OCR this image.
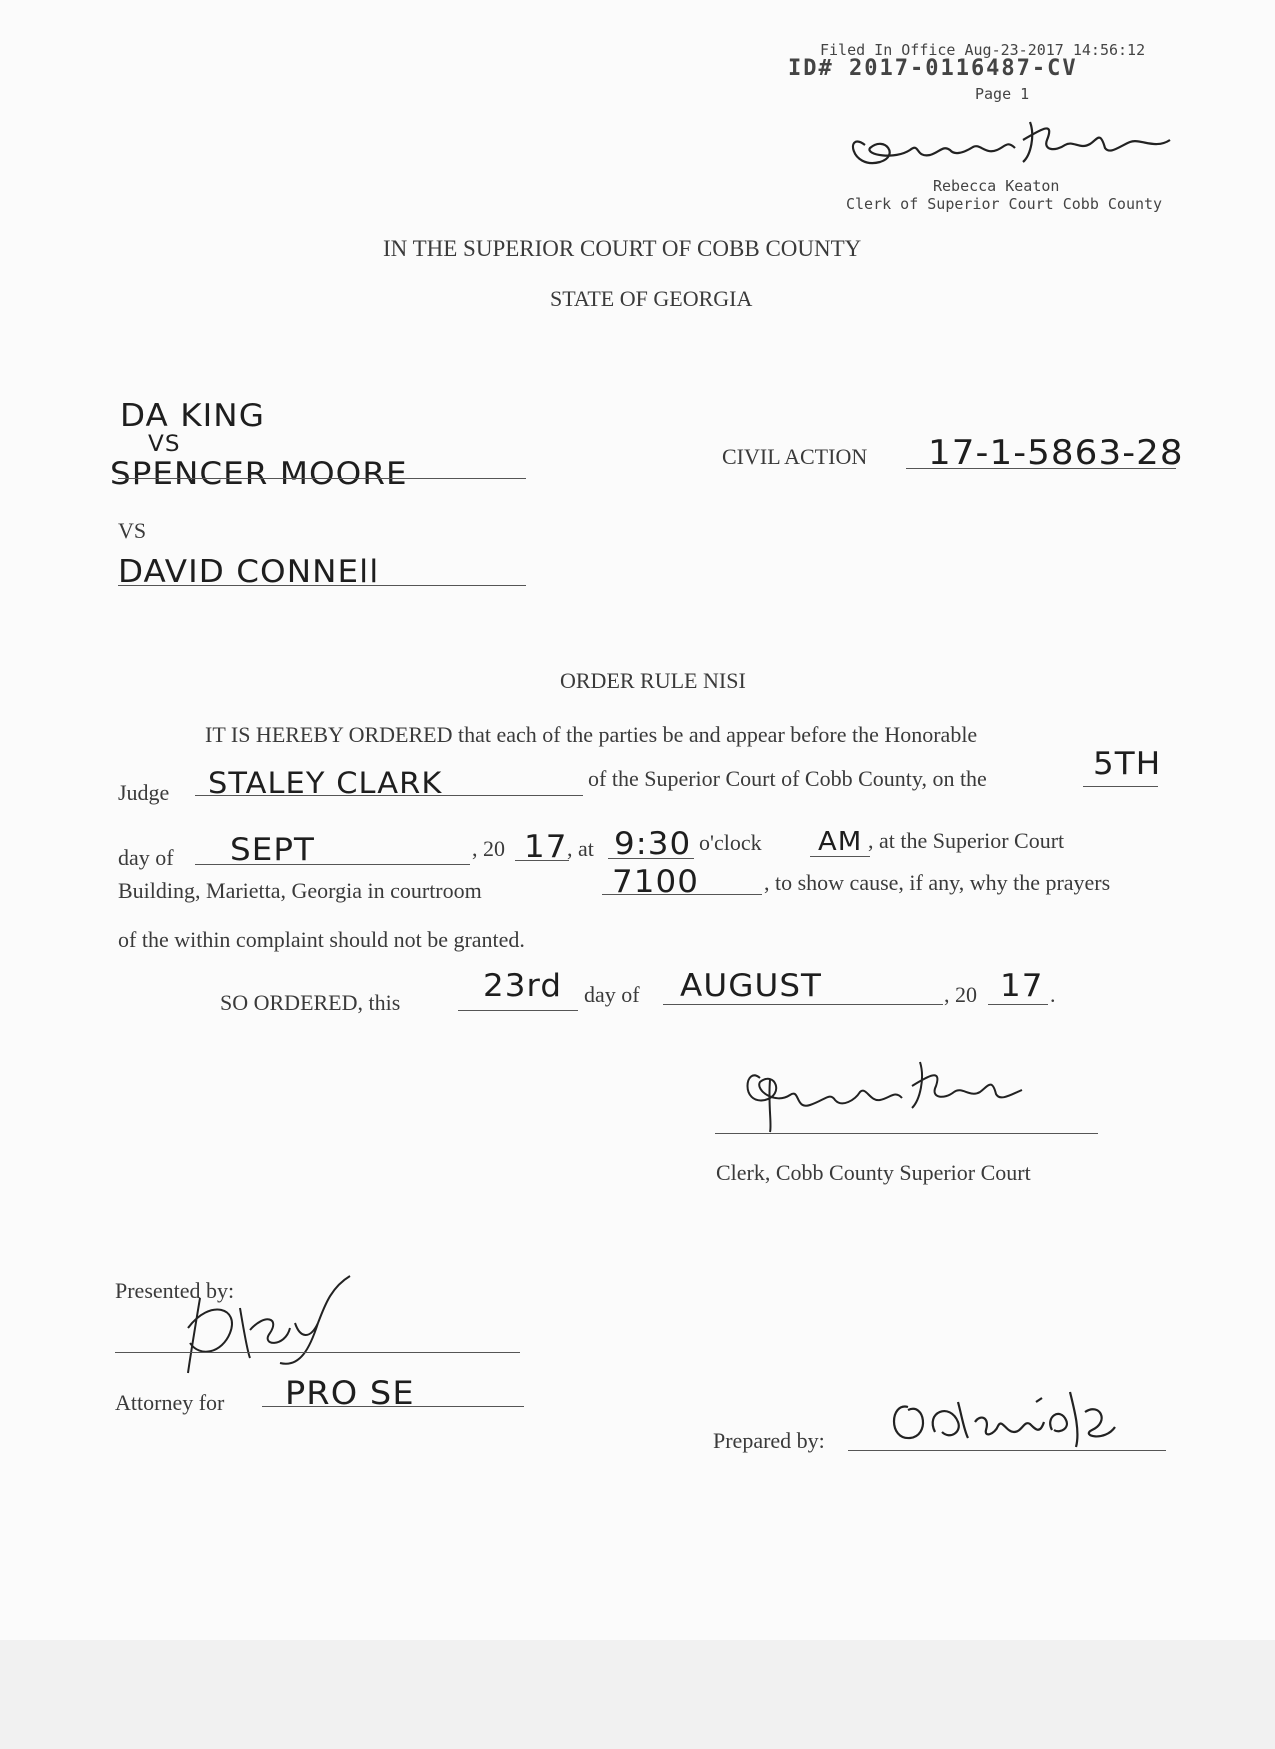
Filed In Office Aug-23-2017 14:56:12
ID# 2017-0116487-CV
Page 1
Rebecca Keaton
Clerk of Superior Court Cobb County
IN THE SUPERIOR COURT OF COBB COUNTY
STATE OF GEORGIA
DA KING
VS
SPENCER MOORE
VS
DAVID CONNEll
CIVIL ACTION 17-1-5863-28
ORDER RULE NISI
IT IS HEREBY ORDERED that each of the parties be and appear before the Honorable
Judge STALEY CLARK	of the Superior Court of Cobb County, on the	5TH
day of SEPT	, 20 17 , at 9:30 o'clock AM , at the Superior Court
Building, Marietta, Georgia in courtroom	7100	, to show cause, if any, why the prayers
of the within complaint should not be granted.
SO ORDERED, this	23rd day of AUGUST	, 20 17 .
Clerk, Cobb County Superior Court
Presented by:
Attorney for PRO SE
Prepared by:
